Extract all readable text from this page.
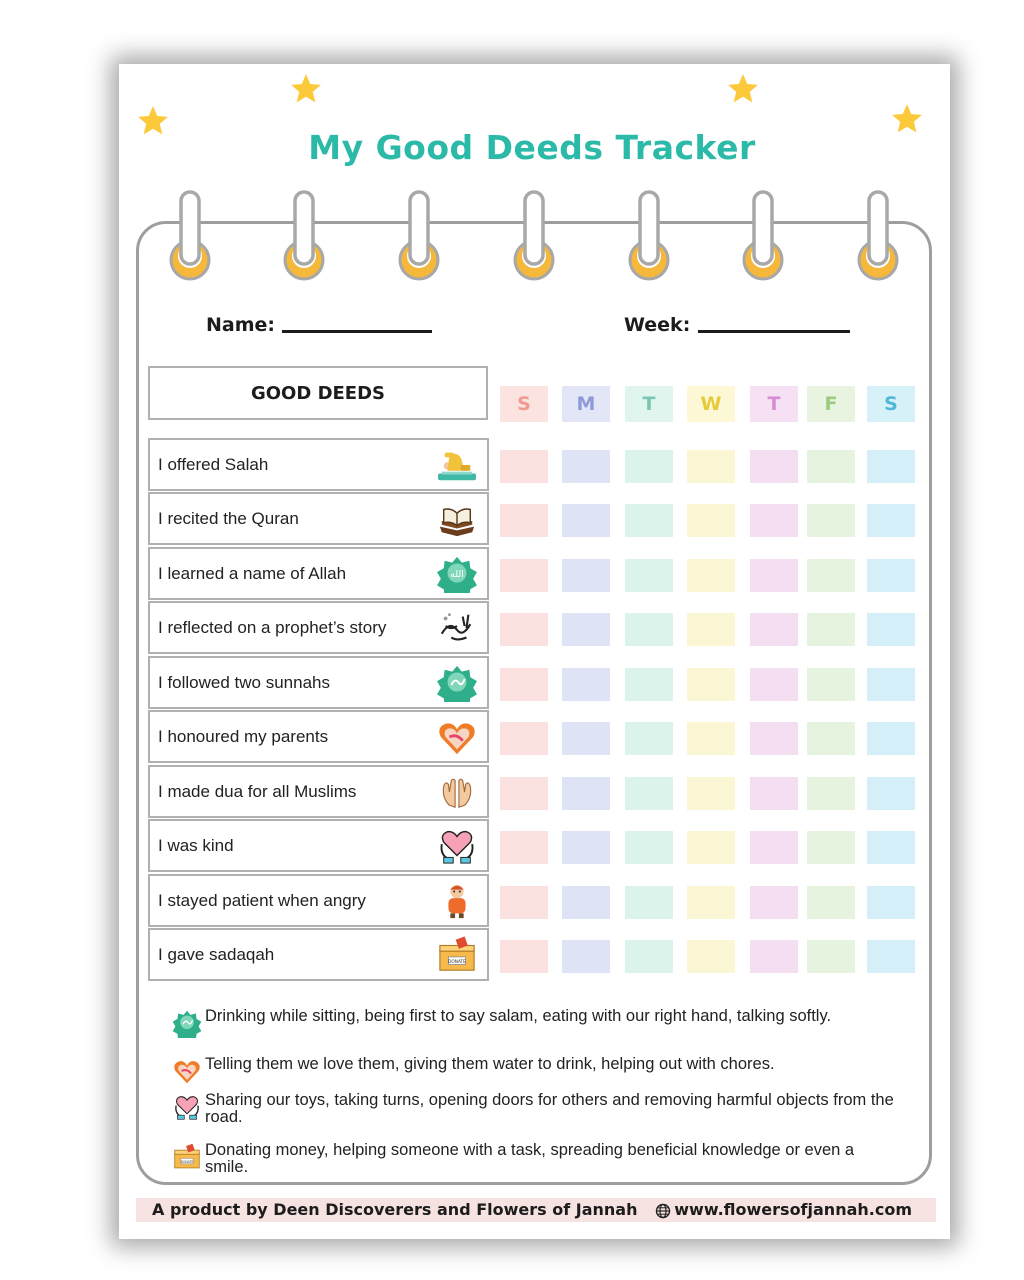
My Good Deeds Tracker
Name:	Week:
GOOD DEEDS	S	M	T	W	T	F	S
I offered Salah
I recited the Quran
I learned a name of Allah	الله
I reflected on a prophet’s story
I followed two sunnahs
I honoured my parents
I made dua for all Muslims
I was kind
I stayed patient when angry
I gave sadaqah	DONATE
Drinking while sitting, being first to say salam, eating with our right hand, talking softly.
Telling them we love them, giving them water to drink, helping out with chores.
Sharing our toys, taking turns, opening doors for others and removing harmful objects from the road.
DONATE
Donating money, helping someone with a task, spreading beneficial knowledge or even a smile.
A product by Deen Discoverers and Flowers of Jannah	www.flowersofjannah.com
